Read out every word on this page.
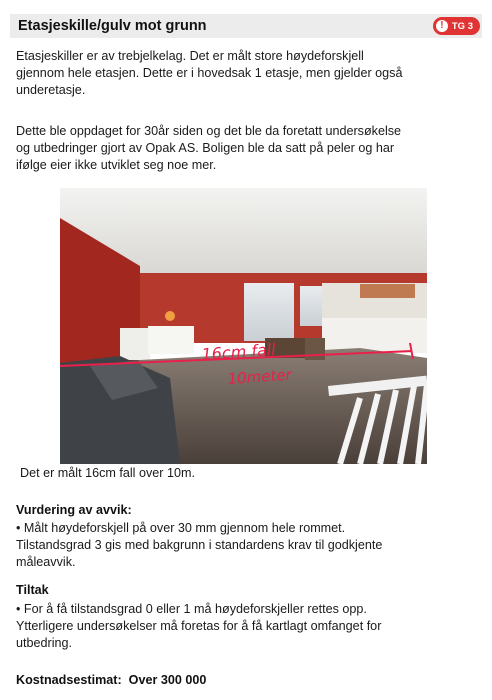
Etasjeskille/gulv mot grunn	! TG 3

Etasjeskiller er av trebjelkelag. Det er målt store høydeforskjell
gjennom hele etasjen. Dette er i hovedsak 1 etasje, men gjelder også
underetasje.

Dette ble oppdaget for 30år siden og det ble da foretatt undersøkelse
og utbedringer gjort av Opak AS. Boligen ble da satt på peler og har
ifølge eier ikke utviklet seg noe mer.

16cm fall
10meter
Det er målt 16cm fall over 10m.
Vurdering av avvik:

• Målt høydeforskjell på over 30 mm gjennom hele rommet.
Tilstandsgrad 3 gis med bakgrunn i standardens krav til godkjente
måleavvik.

Tiltak

• For å få tilstandsgrad 0 eller 1 må høydeforskjeller rettes opp.
Ytterligere undersøkelser må foretas for å få kartlagt omfanget for
utbedring.

Kostnadsestimat: Over 300 000
